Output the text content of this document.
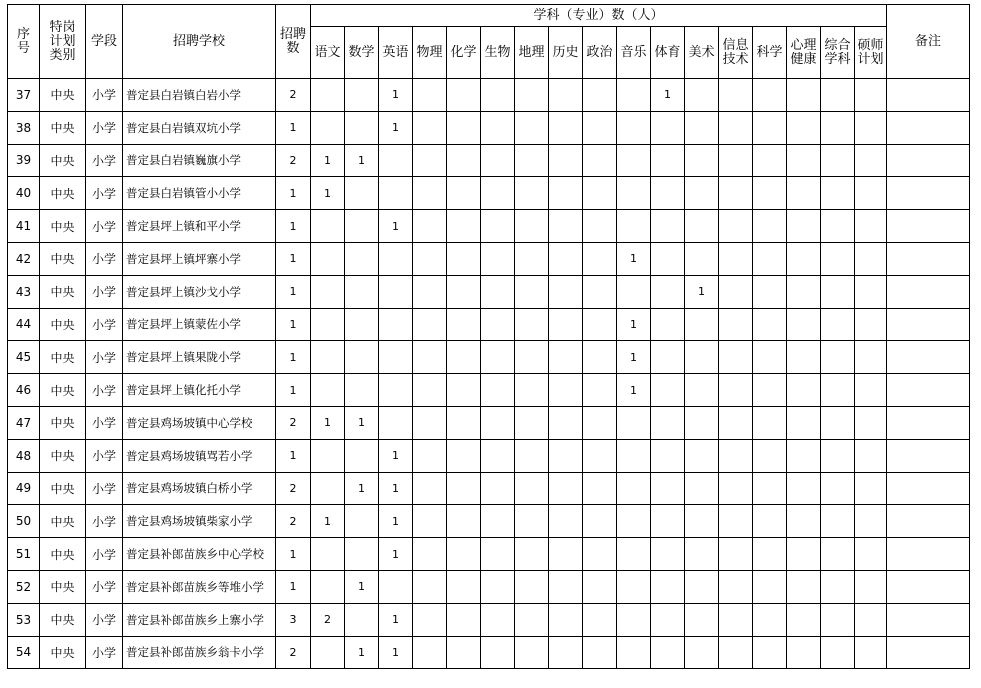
序号	特岗计划类别	学段	招聘学校	招聘数	学科（专业）数（人）																	备注
					语文	数学	英语	物理	化学	生物	地理	历史	政治	音乐	体育	美术	信息技术	科学	心理健康	综合学科	硕师计划	
37	中央	小学	普定县白岩镇白岩小学	2			1								1							
38	中央	小学	普定县白岩镇双坑小学	1			1															
39	中央	小学	普定县白岩镇巍旗小学	2	1	1																
40	中央	小学	普定县白岩镇管小小学	1	1																	
41	中央	小学	普定县坪上镇和平小学	1			1															
42	中央	小学	普定县坪上镇坪寨小学	1										1								
43	中央	小学	普定县坪上镇沙戈小学	1												1						
44	中央	小学	普定县坪上镇蒙佐小学	1										1								
45	中央	小学	普定县坪上镇果陇小学	1										1								
46	中央	小学	普定县坪上镇化托小学	1										1								
47	中央	小学	普定县鸡场坡镇中心学校	2	1	1																
48	中央	小学	普定县鸡场坡镇骂若小学	1			1															
49	中央	小学	普定县鸡场坡镇白桥小学	2		1	1															
50	中央	小学	普定县鸡场坡镇柴家小学	2	1		1															
51	中央	小学	普定县补郎苗族乡中心学校	1			1															
52	中央	小学	普定县补郎苗族乡等堆小学	1		1																
53	中央	小学	普定县补郎苗族乡上寨小学	3	2		1															
54	中央	小学	普定县补郎苗族乡翁卡小学	2		1	1															
